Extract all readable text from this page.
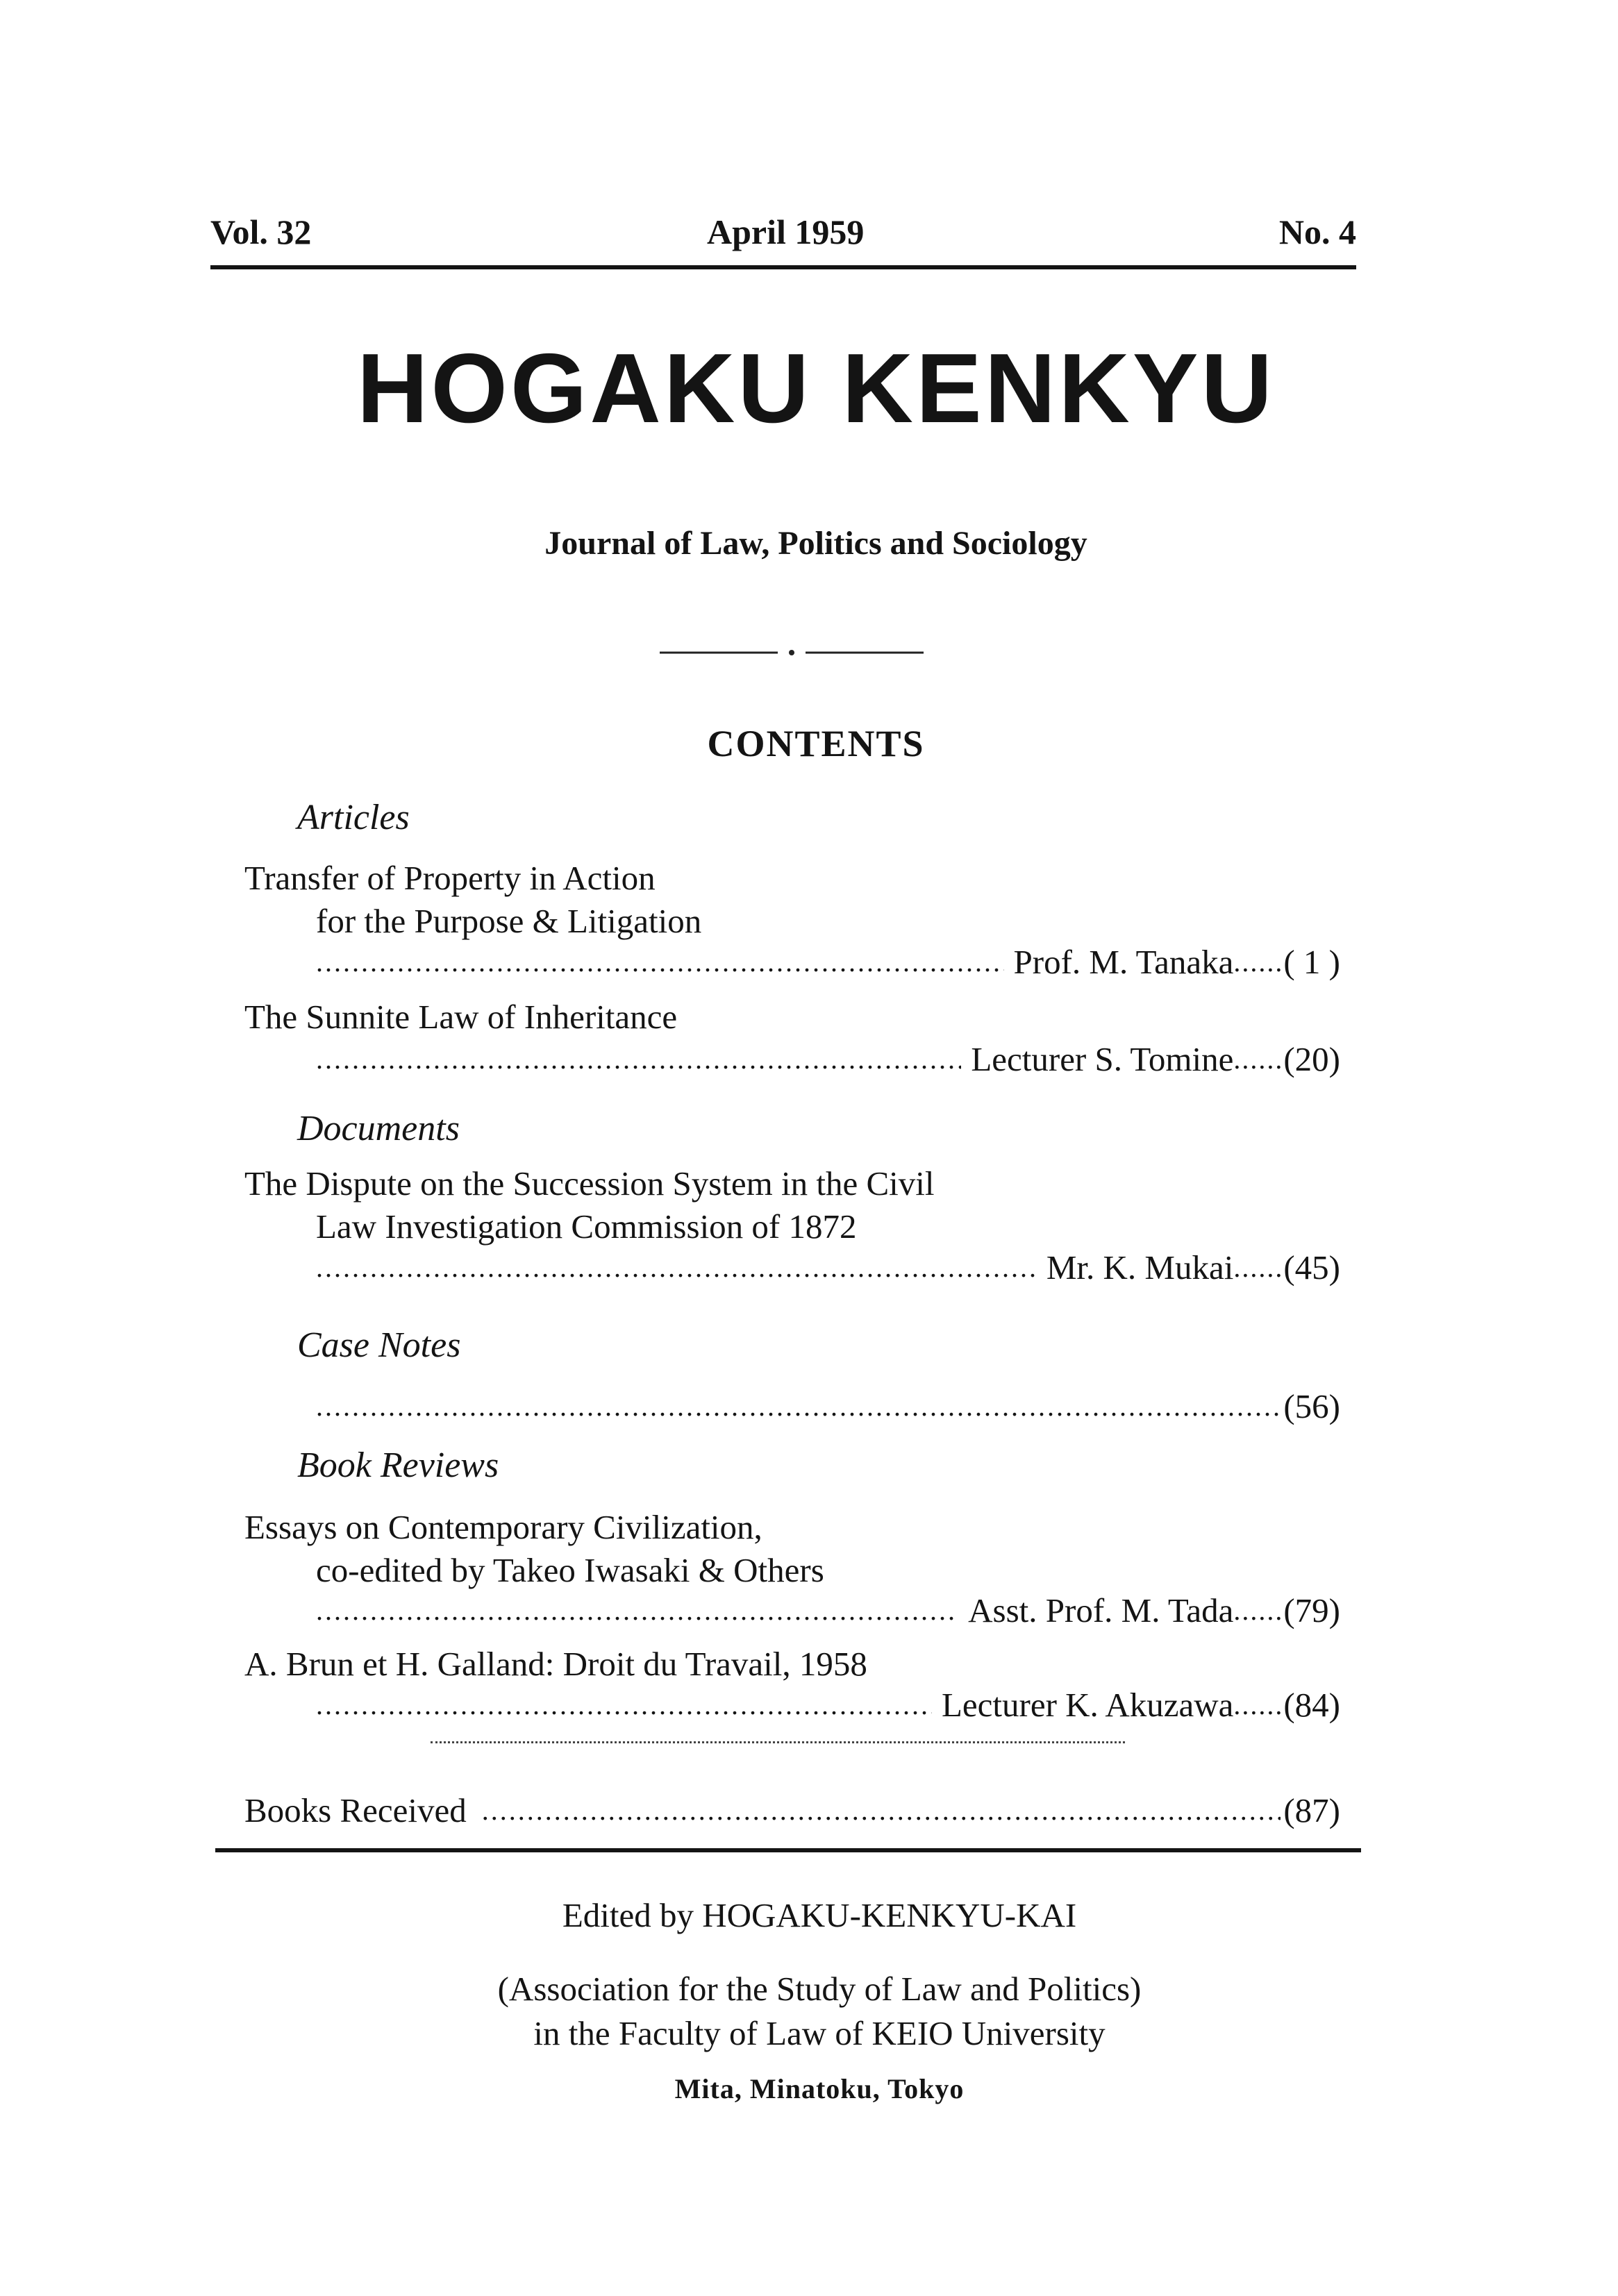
Vol. 32	April 1959	No. 4
HOGAKU KENKYU
Journal of Law, Politics and Sociology
CONTENTS
Articles
Transfer of Property in Action
for the Purpose & Litigation
.....
Prof. M. Tanaka ...... ( 1 )
The Sunnite Law of Inheritance
.....
Lecturer S. Tomine ...... (20)
Documents
The Dispute on the Succession System in the Civil
Law Investigation Commission of 1872
.....
Mr. K. Mukai ...... (45)
Case Notes
.....
(56)
Book Reviews
Essays on Contemporary Civilization,
co-edited by Takeo Iwasaki & Others
.....
Asst. Prof. M. Tada ...... (79)
A. Brun et H. Galland: Droit du Travail, 1958
.....
Lecturer K. Akuzawa ...... (84)
Books Received .....	(87)
Edited by HOGAKU-KENKYU-KAI
(Association for the Study of Law and Politics)
in the Faculty of Law of KEIO University
Mita, Minatoku, Tokyo
